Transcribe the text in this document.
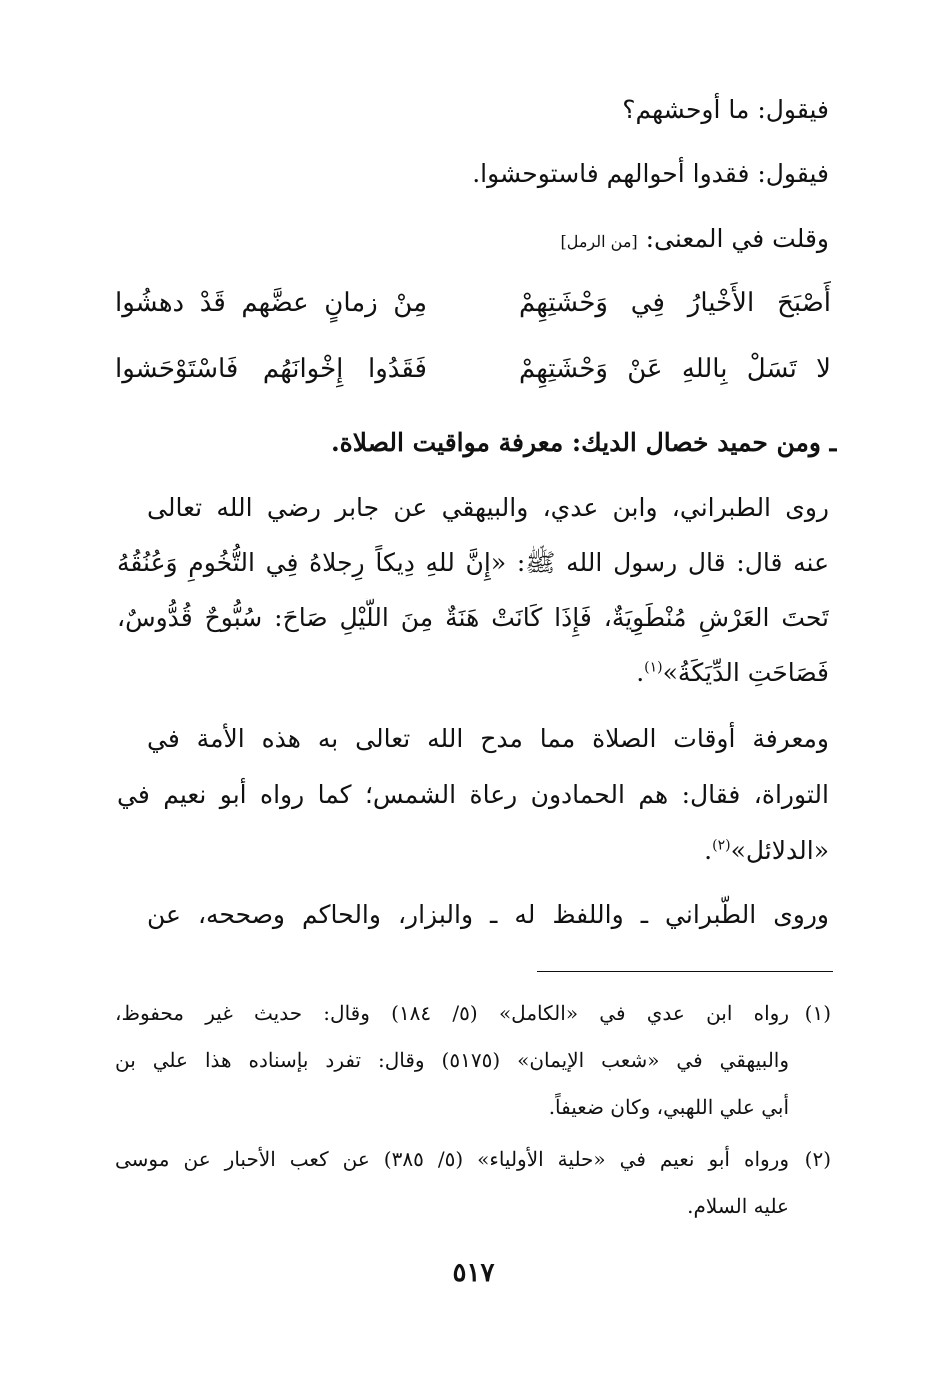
فيقول: ما أوحشهم؟
فيقول: فقدوا أحوالهم فاستوحشوا.
وقلت في المعنى: [من الرمل]
أَصْبَحَ الأَخْيارُ فِي وَحْشَتِهِمْ
مِنْ زمانٍ عضَّهم قَدْ دهشُوا
لا تَسَلْ بِاللهِ عَنْ وَحْشَتِهِمْ
فَقَدُوا إِخْوانَهُم فَاسْتَوْحَشوا
ـ ومن حميد خصال الديك: معرفة مواقيت الصلاة.
روى الطبراني، وابن عدي، والبيهقي عن جابر رضي الله تعالى
عنه قال: قال رسول الله ﷺ: «إِنَّ للهِ دِيكاً رِجلاهُ فِي التُّخُومِ وَعُنُقُهُ
تَحتَ العَرْشِ مُنْطَوِيَةٌ، فَإِذَا كَانَتْ هَنَةٌ مِنَ اللَّيْلِ صَاحَ: سُبُّوحٌ قُدُّوسٌ،
فَصَاحَتِ الدِّيَكَةُ»$^{(١)}$.
ومعرفة أوقات الصلاة مما مدح الله تعالى به هذه الأمة في
التوراة، فقال: هم الحمادون رعاة الشمس؛ كما رواه أبو نعيم في
«الدلائل»$^{(٢)}$.
وروى الطَّبراني ـ واللفظ له ـ والبزار، والحاكم وصححه، عن
(١)رواه ابن عدي في «الكامل» (٥/ ١٨٤) وقال: حديث غير محفوظ،
والبيهقي في «شعب الإيمان» (٥١٧٥) وقال: تفرد بإسناده هذا علي بن
أبي علي اللهبي، وكان ضعيفاً.
(٢)ورواه أبو نعيم في «حلية الأولياء» (٥/ ٣٨٥) عن كعب الأحبار عن موسى
عليه السلام.
٥١٧
